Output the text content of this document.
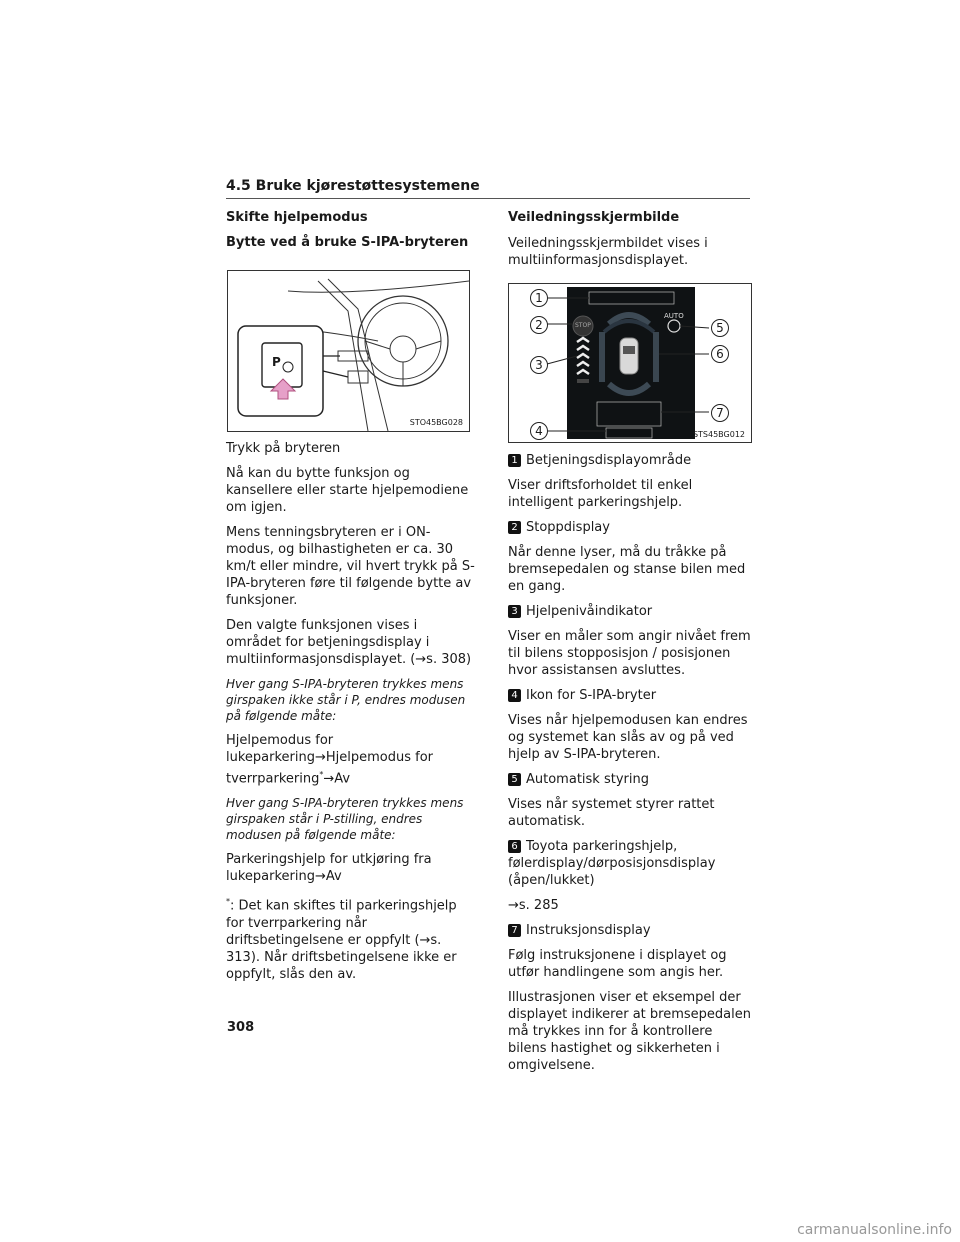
4.5 Bruke kjørestøttesystemene
Skifte hjelpemodus
Bytte ved å bruke S-IPA-bryteren
P
STO45BG028

Trykk på bryteren

Nå kan du bytte funksjon og kansellere eller starte hjelpemodiene om igjen.

Mens tenningsbryteren er i ON-modus, og bilhastigheten er ca. 30 km/t eller mindre, vil hvert trykk på S-IPA-bryteren føre til følgende bytte av funksjoner.

Den valgte funksjonen vises i området for betjeningsdisplay i multiinformasjonsdisplayet. (→s. 308)

Hver gang S-IPA-bryteren trykkes mens girspaken ikke står i P, endres modusen på følgende måte:

Hjelpemodus for lukeparkering→Hjelpemodus for tverrparkering*→Av

Hver gang S-IPA-bryteren trykkes mens girspaken står i P-stilling, endres modusen på følgende måte:

Parkeringshjelp for utkjøring fra lukeparkering→Av

*: Det kan skiftes til parkeringshjelp for tverrparkering når driftsbetingelsene er oppfylt (→s. 313). Når driftsbetingelsene ikke er oppfylt, slås den av.

Veiledningsskjermbilde
Veiledningsskjermbildet vises i multiinformasjonsdisplayet.
STOP
AUTO
1
2
3
4
5
6
7
STS45BG012

1 Betjeningsdisplayområde

Viser driftsforholdet til enkel intelligent parkeringshjelp.

2 Stoppdisplay

Når denne lyser, må du tråkke på bremsepedalen og stanse bilen med en gang.

3 Hjelpenivåindikator

Viser en måler som angir nivået frem til bilens stopposisjon / posisjonen hvor assistansen avsluttes.

4 Ikon for S-IPA-bryter

Vises når hjelpemodusen kan endres og systemet kan slås av og på ved hjelp av S-IPA-bryteren.

5 Automatisk styring

Vises når systemet styrer rattet automatisk.

6 Toyota parkeringshjelp, følerdisplay/dørposisjonsdisplay (åpen/lukket)

→s. 285

7 Instruksjonsdisplay

Følg instruksjonene i displayet og utfør handlingene som angis her.

Illustrasjonen viser et eksempel der displayet indikerer at bremsepedalen må trykkes inn for å kontrollere bilens hastighet og sikkerheten i omgivelsene.

308
carmanualsonline.info
